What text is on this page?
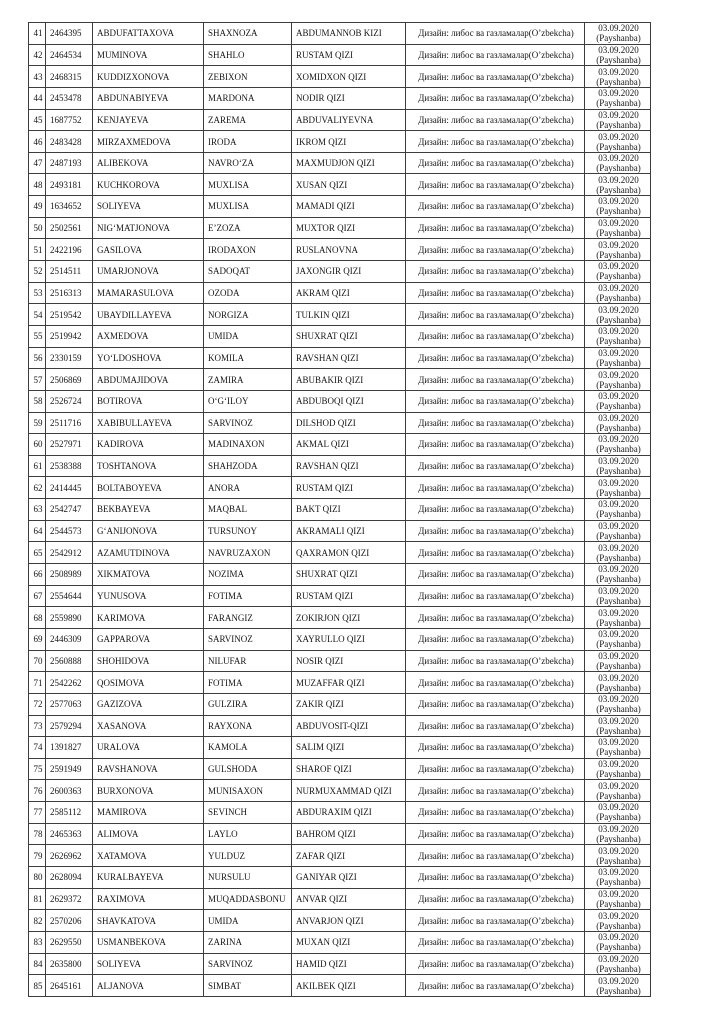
41	2464395	ABDUFATTAXOVA	SHAXNOZA	ABDUMANNOB KIZI	Дизайн: либос ва газламалар(O’zbekcha)	03.09.2020
(Payshanba)

42	2464534	MUMINOVA	SHAHLO	RUSTAM QIZI	Дизайн: либос ва газламалар(O’zbekcha)	03.09.2020
(Payshanba)

43	2468315	KUDDIZXONOVA	ZEBIXON	XOMIDXON QIZI	Дизайн: либос ва газламалар(O’zbekcha)	03.09.2020
(Payshanba)

44	2453478	ABDUNABIYEVA	MARDONA	NODIR QIZI	Дизайн: либос ва газламалар(O’zbekcha)	03.09.2020
(Payshanba)

45	1687752	KENJAYEVA	ZAREMA	ABDUVALIYEVNA	Дизайн: либос ва газламалар(O’zbekcha)	03.09.2020
(Payshanba)

46	2483428	MIRZAXMEDOVA	IRODA	IKROM QIZI	Дизайн: либос ва газламалар(O’zbekcha)	03.09.2020
(Payshanba)

47	2487193	ALIBEKOVA	NAVRO‘ZA	MAXMUDJON QIZI	Дизайн: либос ва газламалар(O’zbekcha)	03.09.2020
(Payshanba)

48	2493181	KUCHKOROVA	MUXLISA	XUSAN QIZI	Дизайн: либос ва газламалар(O’zbekcha)	03.09.2020
(Payshanba)

49	1634652	SOLIYEVA	MUXLISA	MAMADI QIZI	Дизайн: либос ва газламалар(O’zbekcha)	03.09.2020
(Payshanba)

50	2502561	NIG‘MATJONOVA	E’ZOZA	MUXTOR QIZI	Дизайн: либос ва газламалар(O’zbekcha)	03.09.2020
(Payshanba)

51	2422196	GASILOVA	IRODAXON	RUSLANOVNA	Дизайн: либос ва газламалар(O’zbekcha)	03.09.2020
(Payshanba)

52	2514511	UMARJONOVA	SADOQAT	JAXONGIR QIZI	Дизайн: либос ва газламалар(O’zbekcha)	03.09.2020
(Payshanba)

53	2516313	MAMARASULOVA	OZODA	AKRAM QIZI	Дизайн: либос ва газламалар(O’zbekcha)	03.09.2020
(Payshanba)

54	2519542	UBAYDILLAYEVA	NORGIZA	TULKIN QIZI	Дизайн: либос ва газламалар(O’zbekcha)	03.09.2020
(Payshanba)

55	2519942	AXMEDOVA	UMIDA	SHUXRAT QIZI	Дизайн: либос ва газламалар(O’zbekcha)	03.09.2020
(Payshanba)

56	2330159	YO‘LDOSHOVA	KOMILA	RAVSHAN QIZI	Дизайн: либос ва газламалар(O’zbekcha)	03.09.2020
(Payshanba)

57	2506869	ABDUMAJIDOVA	ZAMIRA	ABUBAKIR QIZI	Дизайн: либос ва газламалар(O’zbekcha)	03.09.2020
(Payshanba)

58	2526724	BOTIROVA	O‘G‘ILOY	ABDUBOQI QIZI	Дизайн: либос ва газламалар(O’zbekcha)	03.09.2020
(Payshanba)

59	2511716	XABIBULLAYEVA	SARVINOZ	DILSHOD QIZI	Дизайн: либос ва газламалар(O’zbekcha)	03.09.2020
(Payshanba)

60	2527971	KADIROVA	MADINAXON	AKMAL QIZI	Дизайн: либос ва газламалар(O’zbekcha)	03.09.2020
(Payshanba)

61	2538388	TOSHTANOVA	SHAHZODA	RAVSHAN QIZI	Дизайн: либос ва газламалар(O’zbekcha)	03.09.2020
(Payshanba)

62	2414445	BOLTABOYEVA	ANORA	RUSTAM QIZI	Дизайн: либос ва газламалар(O’zbekcha)	03.09.2020
(Payshanba)

63	2542747	BEKBAYEVA	MAQBAL	BAKT QIZI	Дизайн: либос ва газламалар(O’zbekcha)	03.09.2020
(Payshanba)

64	2544573	G‘ANIJONOVA	TURSUNOY	AKRAMALI QIZI	Дизайн: либос ва газламалар(O’zbekcha)	03.09.2020
(Payshanba)

65	2542912	AZAMUTDINOVA	NAVRUZAXON	QAXRAMON QIZI	Дизайн: либос ва газламалар(O’zbekcha)	03.09.2020
(Payshanba)

66	2508989	XIKMATOVA	NOZIMA	SHUXRAT QIZI	Дизайн: либос ва газламалар(O’zbekcha)	03.09.2020
(Payshanba)

67	2554644	YUNUSOVA	FOTIMA	RUSTAM QIZI	Дизайн: либос ва газламалар(O’zbekcha)	03.09.2020
(Payshanba)

68	2559890	KARIMOVA	FARANGIZ	ZOKIRJON QIZI	Дизайн: либос ва газламалар(O’zbekcha)	03.09.2020
(Payshanba)

69	2446309	GAPPAROVA	SARVINOZ	XAYRULLO QIZI	Дизайн: либос ва газламалар(O’zbekcha)	03.09.2020
(Payshanba)

70	2560888	SHOHIDOVA	NILUFAR	NOSIR QIZI	Дизайн: либос ва газламалар(O’zbekcha)	03.09.2020
(Payshanba)

71	2542262	QOSIMOVA	FOTIMA	MUZAFFAR QIZI	Дизайн: либос ва газламалар(O’zbekcha)	03.09.2020
(Payshanba)

72	2577063	GAZIZOVA	GULZIRA	ZAKIR QIZI	Дизайн: либос ва газламалар(O’zbekcha)	03.09.2020
(Payshanba)

73	2579294	XASANOVA	RAYXONA	ABDUVOSIT-QIZI	Дизайн: либос ва газламалар(O’zbekcha)	03.09.2020
(Payshanba)

74	1391827	URALOVA	KAMOLA	SALIM QIZI	Дизайн: либос ва газламалар(O’zbekcha)	03.09.2020
(Payshanba)

75	2591949	RAVSHANOVA	GULSHODA	SHAROF QIZI	Дизайн: либос ва газламалар(O’zbekcha)	03.09.2020
(Payshanba)

76	2600363	BURXONOVA	MUNISAXON	NURMUXAMMAD QIZI	Дизайн: либос ва газламалар(O’zbekcha)	03.09.2020
(Payshanba)

77	2585112	MAMIROVA	SEVINCH	ABDURAXIM QIZI	Дизайн: либос ва газламалар(O’zbekcha)	03.09.2020
(Payshanba)

78	2465363	ALIMOVA	LAYLO	BAHROM QIZI	Дизайн: либос ва газламалар(O’zbekcha)	03.09.2020
(Payshanba)

79	2626962	XATAMOVA	YULDUZ	ZAFAR QIZI	Дизайн: либос ва газламалар(O’zbekcha)	03.09.2020
(Payshanba)

80	2628094	KURALBAYEVA	NURSULU	GANIYAR QIZI	Дизайн: либос ва газламалар(O’zbekcha)	03.09.2020
(Payshanba)

81	2629372	RAXIMOVA	MUQADDASBONU	ANVAR QIZI	Дизайн: либос ва газламалар(O’zbekcha)	03.09.2020
(Payshanba)

82	2570206	SHAVKATOVA	UMIDA	ANVARJON QIZI	Дизайн: либос ва газламалар(O’zbekcha)	03.09.2020
(Payshanba)

83	2629550	USMANBEKOVA	ZARINA	MUXAN QIZI	Дизайн: либос ва газламалар(O’zbekcha)	03.09.2020
(Payshanba)

84	2635800	SOLIYEVA	SARVINOZ	HAMID QIZI	Дизайн: либос ва газламалар(O’zbekcha)	03.09.2020
(Payshanba)

85	2645161	ALJANOVA	SIMBAT	AKILBEK QIZI	Дизайн: либос ва газламалар(O’zbekcha)	03.09.2020
(Payshanba)
